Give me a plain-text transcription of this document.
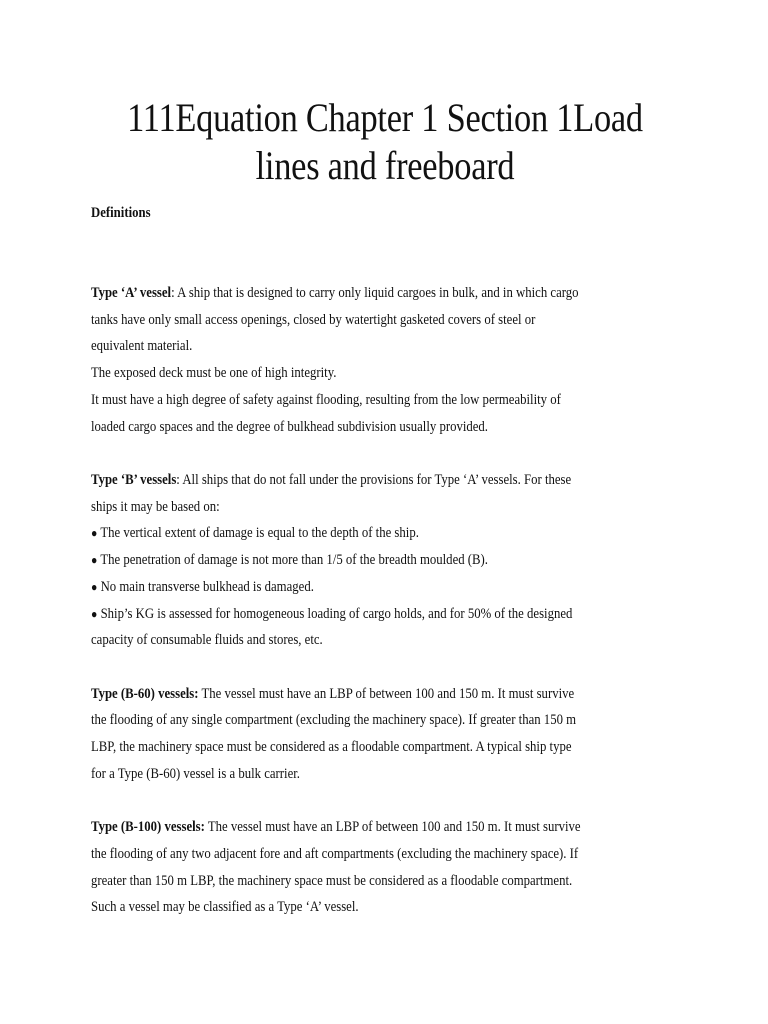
111Equation Chapter 1 Section 1Load
lines and freeboard

Definitions

Type ‘A’ vessel: A ship that is designed to carry only liquid cargoes in bulk, and in which cargo

tanks have only small access openings, closed by watertight gasketed covers of steel or

equivalent material.

The exposed deck must be one of high integrity.

It must have a high degree of safety against flooding, resulting from the low permeability of

loaded cargo spaces and the degree of bulkhead subdivision usually provided.

Type ‘B’ vessels: All ships that do not fall under the provisions for Type ‘A’ vessels. For these

ships it may be based on:

● The vertical extent of damage is equal to the depth of the ship.

● The penetration of damage is not more than 1/5 of the breadth moulded (B).

● No main transverse bulkhead is damaged.

● Ship’s KG is assessed for homogeneous loading of cargo holds, and for 50% of the designed

capacity of consumable fluids and stores, etc.

Type (B-60) vessels: The vessel must have an LBP of between 100 and 150 m. It must survive

the flooding of any single compartment (excluding the machinery space). If greater than 150 m

LBP, the machinery space must be considered as a floodable compartment. A typical ship type

for a Type (B-60) vessel is a bulk carrier.

Type (B-100) vessels: The vessel must have an LBP of between 100 and 150 m. It must survive

the flooding of any two adjacent fore and aft compartments (excluding the machinery space). If

greater than 150 m LBP, the machinery space must be considered as a floodable compartment.

Such a vessel may be classified as a Type ‘A’ vessel.
